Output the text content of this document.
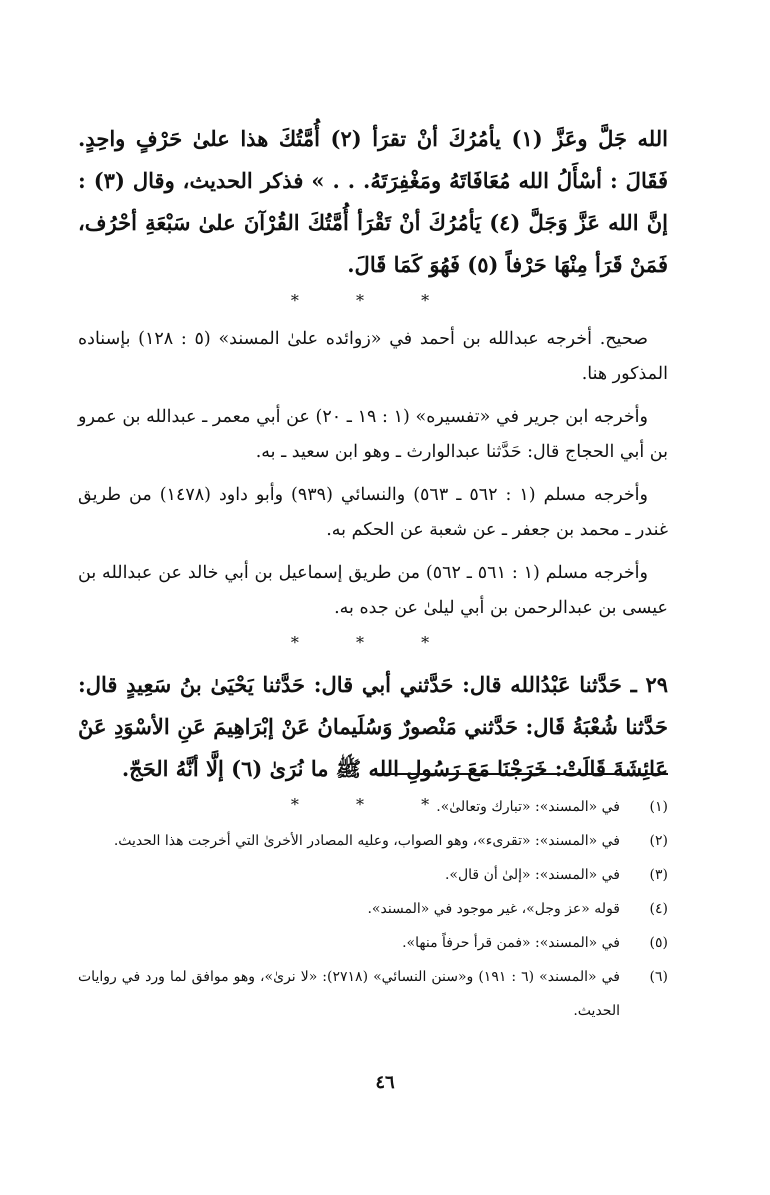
الله جَلَّ وعَزَّ (١) يأمُرُكَ أنْ تقرَأ (٢) أُمَّتُكَ هذا علىٰ حَرْفٍ واحِدٍ. فَقَالَ : أسْأَلُ الله مُعَافَاتَهُ ومَغْفِرَتَهُ. . . » فذكر الحديث، وقال (٣) : إنَّ الله عَزَّ وَجَلَّ (٤) يَأمُرُكَ أنْ تَقْرَأ أُمَّتُكَ القُرْآنَ علىٰ سَبْعَةِ أحْرُف، فَمَنْ قَرَأ مِنْهَا حَرْفاً (٥) فَهُوَ كَمَا قَالَ.

* * *

صحيح. أخرجه عبدالله بن أحمد في «زوائده علىٰ المسند» (٥ : ١٢٨) بإسناده المذكور هنا.

وأخرجه ابن جرير في «تفسيره» (١ : ١٩ ـ ٢٠) عن أبي معمر ـ عبدالله بن عمرو بن أبي الحجاج قال: حَدَّثنا عبدالوارث ـ وهو ابن سعيد ـ به.

وأخرجه مسلم (١ : ٥٦٢ ـ ٥٦٣) والنسائي (٩٣٩) وأبو داود (١٤٧٨) من طريق غندر ـ محمد بن جعفر ـ عن شعبة عن الحكم به.

وأخرجه مسلم (١ : ٥٦١ ـ ٥٦٢) من طريق إسماعيل بن أبي خالد عن عبدالله بن عيسى بن عبدالرحمن بن أبي ليلىٰ عن جده به.

* * *

٢٩ ـ حَدَّثنا عَبْدُالله قال: حَدَّثني أبي قال: حَدَّثنا يَحْيَىٰ بنُ سَعِيدٍ قال: حَدَّثنا شُعْبَةُ قَال: حَدَّثني مَنْصورٌ وَسُلَيمانُ عَنْ إبْرَاهِيمَ عَنِ الأسْوَدِ عَنْ عَائِشَةَ قَالَتْ: خَرَجْنَا مَعَ رَسُولِ الله ﷺ ما نُرَىٰ (٦) إلَّا أنَّهُ الحَجّ.

* * *	(١)
في «المسند»: «تبارك وتعالىٰ».
(٢)
في «المسند»: «تقرىء»، وهو الصواب، وعليه المصادر الأخرىٰ التي أخرجت هذا الحديث.
(٣)
في «المسند»: «إلىٰ أن قال».
(٤)
قوله «عز وجل»، غير موجود في «المسند».
(٥)
في «المسند»: «فمن قرأ حرفاً منها».
(٦)
في «المسند» (٦ : ١٩١) و«سنن النسائي» (٢٧١٨): «لا نرىٰ»، وهو موافق لما ورد في روايات الحديث.
٤٦
